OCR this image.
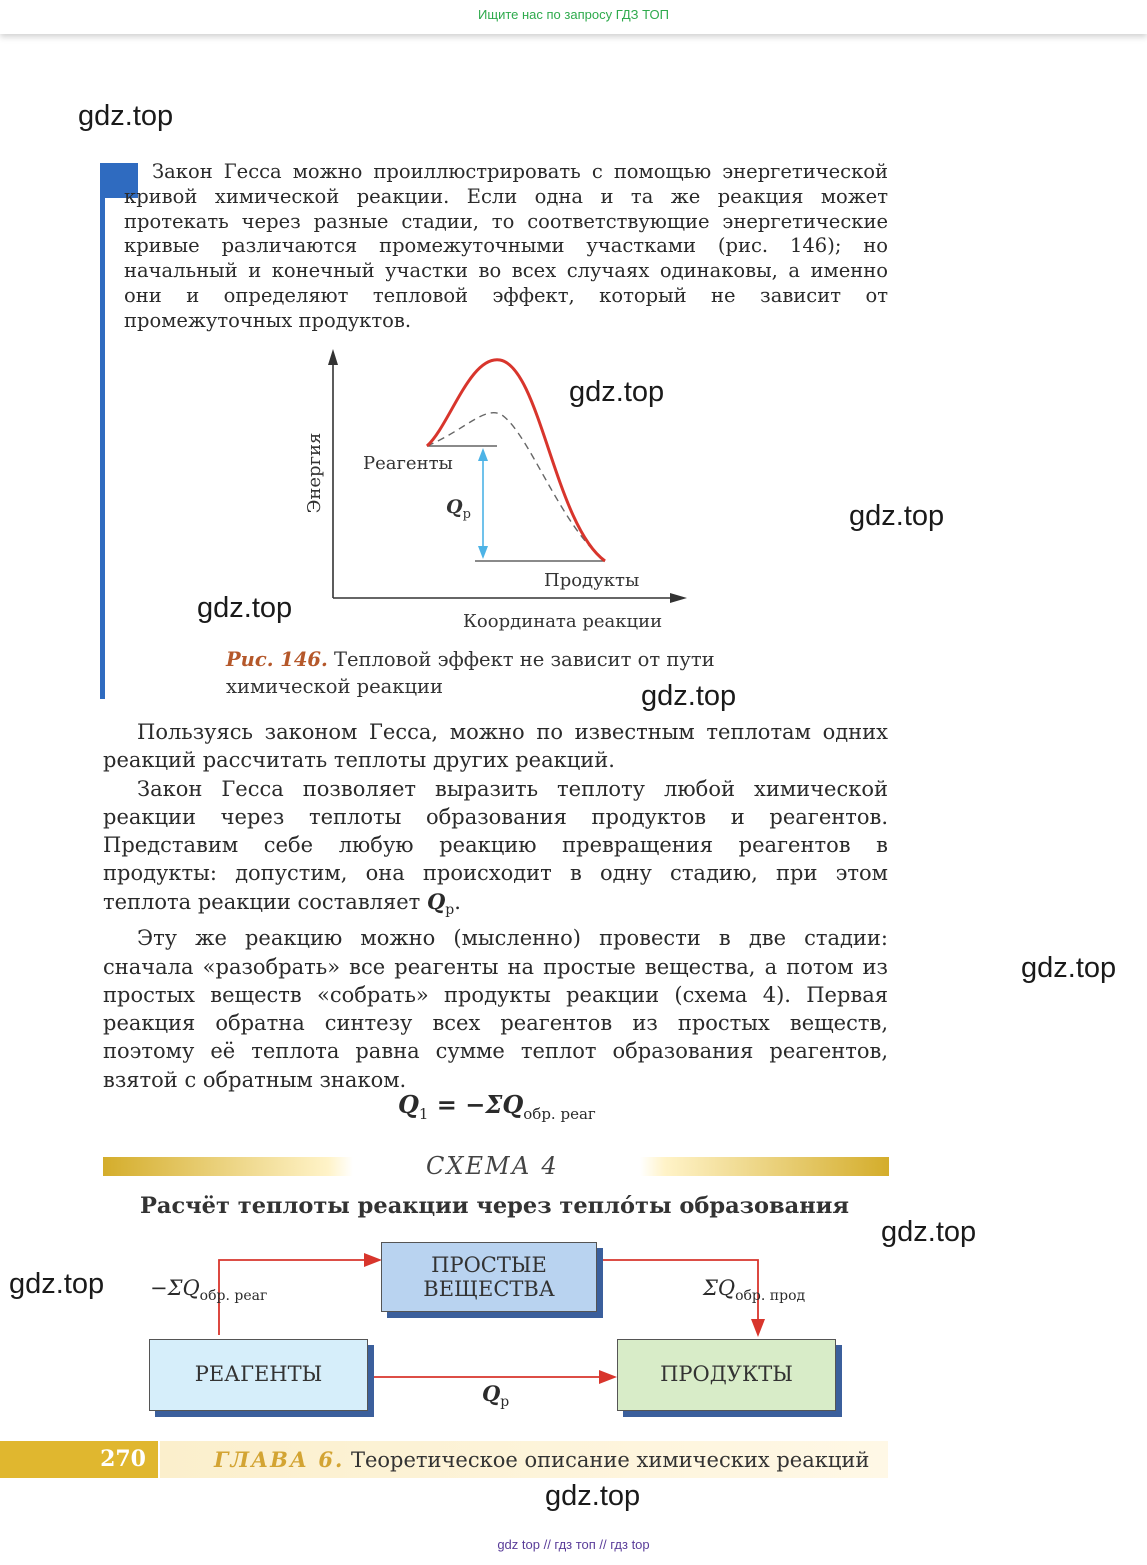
Ищите нас по запросу ГДЗ ТОП
gdz.top
gdz.top
gdz.top
gdz.top
gdz.top
gdz.top
gdz.top
gdz.top
gdz.top

Закон Гесса можно проиллюстрировать с помощью энергетической кривой химической реакции. Если одна и та же реакция может протекать через разные стадии, то соответствующие энергетические кривые различаются промежуточными участками (рис. 146); но начальный и конечный участки во всех случаях одинаковы, а именно они и определяют тепловой эффект, который не зависит от промежуточных продуктов.

Энергия Реагенты
$Q_р$
Продукты
Координата реакции
Рис. 146. Тепловой эффект не зависит от пути химической реакции

Пользуясь законом Гесса, можно по известным теплотам одних реакций рассчитать теплоты других реакций.

Закон Гесса позволяет выразить теплоту любой химической реакции через теплоты образования продуктов и реагентов. Представим себе любую реакцию превращения реагентов в продукты: допустим, она происходит в одну стадию, при этом теплота реакции составляет $Q_р$.

Эту же реакцию можно (мысленно) провести в две стадии: сначала «разобрать» все реагенты на простые вещества, а потом из простых веществ «собрать» продукты реакции (схема 4). Первая реакция обратна синтезу всех реагентов из простых веществ, поэтому её теплота равна сумме теплот образования реагентов, взятой с обратным знаком.

$Q_1 = -\Sigma Q_{обр. реаг}$
СХЕМА 4
Расчёт теплоты реакции через теплóты образования
ПРОСТЫЕ
ВЕЩЕСТВА
РЕАГЕНТЫ	ПРОДУКТЫ
$-\Sigma Q_{обр. реаг}$	$\Sigma Q_{обр. прод}$
$Q_р$
270	ГЛАВА 6. Теоретическое описание химических реакций
gdz top // гдз топ // гдз top
